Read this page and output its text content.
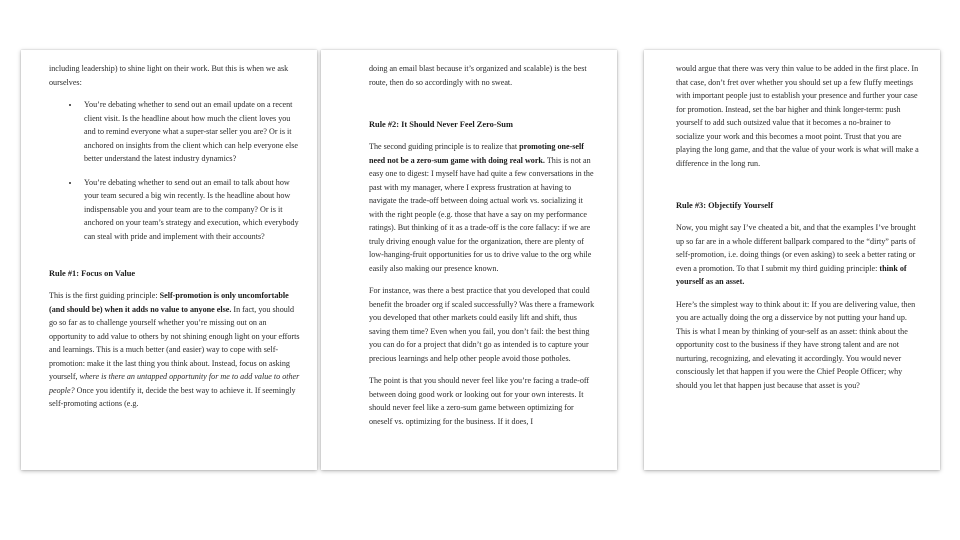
including leadership) to shine light on their work. But this is when we ask ourselves:

• You’re debating whether to send out an email update on a recent client visit. Is the headline about how much the client loves you and to remind everyone what a super-star seller you are? Or is it anchored on insights from the client which can help everyone else better understand the latest industry dynamics?
• You’re debating whether to send out an email to talk about how your team secured a big win recently. Is the headline about how indispensable you and your team are to the company? Or is it anchored on your team’s strategy and execution, which everybody can steal with pride and implement with their accounts?
Rule #1: Focus on Value

This is the first guiding principle: Self-promotion is only uncomfortable (and should be) when it adds no value to anyone else. In fact, you should go so far as to challenge yourself whether you’re missing out on an opportunity to add value to others by not shining enough light on your efforts and learnings. This is a much better (and easier) way to cope with self-promotion: make it the last thing you think about. Instead, focus on asking yourself, where is there an untapped opportunity for me to add value to other people? Once you identify it, decide the best way to achieve it. If seemingly self-promoting actions (e.g.

doing an email blast because it’s organized and scalable) is the best route, then do so accordingly with no sweat.

Rule #2: It Should Never Feel Zero-Sum

The second guiding principle is to realize that promoting one-self need not be a zero-sum game with doing real work. This is not an easy one to digest: I myself have had quite a few conversations in the past with my manager, where I express frustration at having to navigate the trade-off between doing actual work vs. socializing it with the right people (e.g. those that have a say on my performance ratings). But thinking of it as a trade-off is the core fallacy: if we are truly driving enough value for the organization, there are plenty of low-hanging-fruit opportunities for us to drive value to the org while easily also making our presence known.

For instance, was there a best practice that you developed that could benefit the broader org if scaled successfully? Was there a framework you developed that other markets could easily lift and shift, thus saving them time? Even when you fail, you don’t fail: the best thing you can do for a project that didn’t go as intended is to capture your precious learnings and help other people avoid those potholes.

The point is that you should never feel like you’re facing a trade-off between doing good work or looking out for your own interests. It should never feel like a zero-sum game between optimizing for oneself vs. optimizing for the business. If it does, I

would argue that there was very thin value to be added in the first place. In that case, don’t fret over whether you should set up a few fluffy meetings with important people just to establish your presence and further your case for promotion. Instead, set the bar higher and think longer-term: push yourself to add such outsized value that it becomes a no-brainer to socialize your work and this becomes a moot point. Trust that you are playing the long game, and that the value of your work is what will make a difference in the long run.

Rule #3: Objectify Yourself

Now, you might say I’ve cheated a bit, and that the examples I’ve brought up so far are in a whole different ballpark compared to the “dirty” parts of self-promotion, i.e. doing things (or even asking) to seek a better rating or even a promotion. To that I submit my third guiding principle: think of yourself as an asset.

Here’s the simplest way to think about it: If you are delivering value, then you are actually doing the org a disservice by not putting your hand up. This is what I mean by thinking of your-self as an asset: think about the opportunity cost to the business if they have strong talent and are not nurturing, recognizing, and elevating it accordingly. You would never consciously let that happen if you were the Chief People Officer; why should you let that happen just because that asset is you?
